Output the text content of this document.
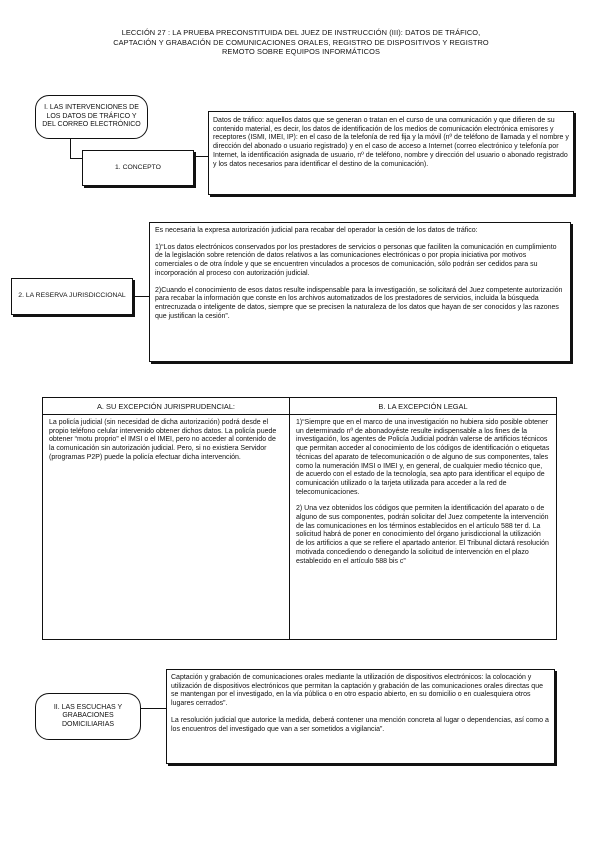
LECCIÓN 27 : LA PRUEBA PRECONSTITUIDA DEL JUEZ DE INSTRUCCIÓN (III): DATOS DE TRÁFICO,
CAPTACIÓN Y GRABACIÓN DE COMUNICACIONES ORALES, REGISTRO DE DISPOSITIVOS Y REGISTRO
REMOTO SOBRE EQUIPOS INFORMÁTICOS
I. LAS INTERVENCIONES DE LOS DATOS DE TRÁFICO Y DEL CORREO ELECTRÓNICO
1. CONCEPTO

Datos de tráfico: aquellos datos que se generan o tratan en el curso de una comunicación y que difieren de su contenido material, es decir, los datos de identificación de los medios de comunicación electrónica emisores y receptores (ISMI, IMEI, IP): en el caso de la telefonía de red fija y la móvil (nº de teléfono de llamada y el nombre y dirección del abonado o usuario registrado) y en el caso de acceso a Internet (correo electrónico y telefonía por Internet, la identificación asignada de usuario, nº de teléfono, nombre y dirección del usuario o abonado registrado y los datos necesarios para identificar el destino de la comunicación).

2. LA RESERVA JURISDICCIONAL

Es necesaria la expresa autorización judicial para recabar del operador la cesión de los datos de tráfico:

1)“Los datos electrónicos conservados por los prestadores de servicios o personas que faciliten la comunicación en cumplimiento de la legislación sobre retención de datos relativos a las comunicaciones electrónicas o por propia iniciativa por motivos comerciales o de otra índole y que se encuentren vinculados a procesos de comunicación, sólo podrán ser cedidos para su incorporación al proceso con autorización judicial.

2)Cuando el conocimiento de esos datos resulte indispensable para la investigación, se solicitará del Juez competente autorización para recabar la información que conste en los archivos automatizados de los prestadores de servicios, incluida la búsqueda entrecruzada o inteligente de datos, siempre que se precisen la naturaleza de los datos que hayan de ser conocidos y las razones que justifican la cesión”.

A. SU EXCEPCIÓN JURISPRUDENCIAL:	B. LA EXCEPCIÓN LEGAL

La policía judicial (sin necesidad de dicha autorización) podrá desde el propio teléfono celular intervenido obtener dichos datos. La policía puede obtener “motu proprio” el IMSI o el IMEI, pero no acceder al contenido de la comunicación sin autorización judicial. Pero, si no existiera Servidor (programas P2P) puede la policía efectuar dicha intervención.

1)“Siempre que en el marco de una investigación no hubiera sido posible obtener un determinado nº de abonadoyéste resulte indispensable a los fines de la investigación, los agentes de Policía Judicial podrán valerse de artificios técnicos que permitan acceder al conocimiento de los códigos de identificación o etiquetas técnicas del aparato de telecomunicación o de alguno de sus componentes, tales como la numeración IMSI o IMEI y, en general, de cualquier medio técnico que, de acuerdo con el estado de la tecnología, sea apto para identificar el equipo de comunicación utilizado o la tarjeta utilizada para acceder a la red de telecomunicaciones.

2) Una vez obtenidos los códigos que permiten la identificación del aparato o de alguno de sus componentes, podrán solicitar del Juez competente la intervención de las comunicaciones en los términos establecidos en el artículo 588 ter d. La solicitud habrá de poner en conocimiento del órgano jurisdiccional la utilización de los artificios a que se refiere el apartado anterior. El Tribunal dictará resolución motivada concediendo o denegando la solicitud de intervención en el plazo establecido en el artículo 588 bis c”

II. LAS ESCUCHAS Y GRABACIONES DOMICILIARIAS

Captación y grabación de comunicaciones orales mediante la utilización de dispositivos electrónicos: la colocación y utilización de dispositivos electrónicos que permitan la captación y grabación de las comunicaciones orales directas que se mantengan por el investigado, en la vía pública o en otro espacio abierto, en su domicilio o en cualesquiera otros lugares cerrados”.

La resolución judicial que autorice la medida, deberá contener una mención concreta al lugar o dependencias, así como a los encuentros del investigado que van a ser sometidos a vigilancia”.
